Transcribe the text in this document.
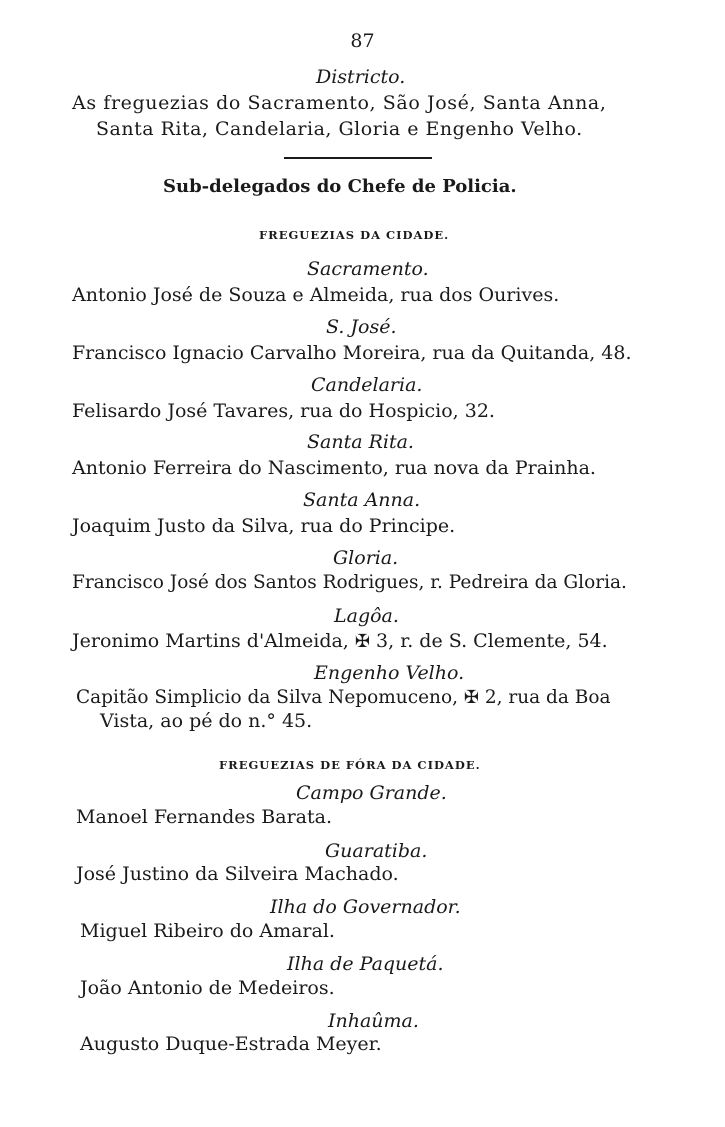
87
Districto.
As freguezias do Sacramento, São José, Santa Anna,
Santa Rita, Candelaria, Gloria e Engenho Velho.
Sub-delegados do Chefe de Policia.
FREGUEZIAS DA CIDADE.
Sacramento.
Antonio José de Souza e Almeida, rua dos Ourives.
S. José.
Francisco Ignacio Carvalho Moreira, rua da Quitanda, 48.
Candelaria.
Felisardo José Tavares, rua do Hospicio, 32.
Santa Rita.
Antonio Ferreira do Nascimento, rua nova da Prainha.
Santa Anna.
Joaquim Justo da Silva, rua do Principe.
Gloria.
Francisco José dos Santos Rodrigues, r. Pedreira da Gloria.
Lagôa.
Jeronimo Martins d'Almeida, ✠ 3, r. de S. Clemente, 54.
Engenho Velho.
Capitão Simplicio da Silva Nepomuceno, ✠ 2, rua da Boa
Vista, ao pé do n.° 45.
FREGUEZIAS DE FÓRA DA CIDADE.
Campo Grande.
Manoel Fernandes Barata.
Guaratiba.
José Justino da Silveira Machado.
Ilha do Governador.
Miguel Ribeiro do Amaral.
Ilha de Paquetá.
João Antonio de Medeiros.
Inhaûma.
Augusto Duque-Estrada Meyer.
